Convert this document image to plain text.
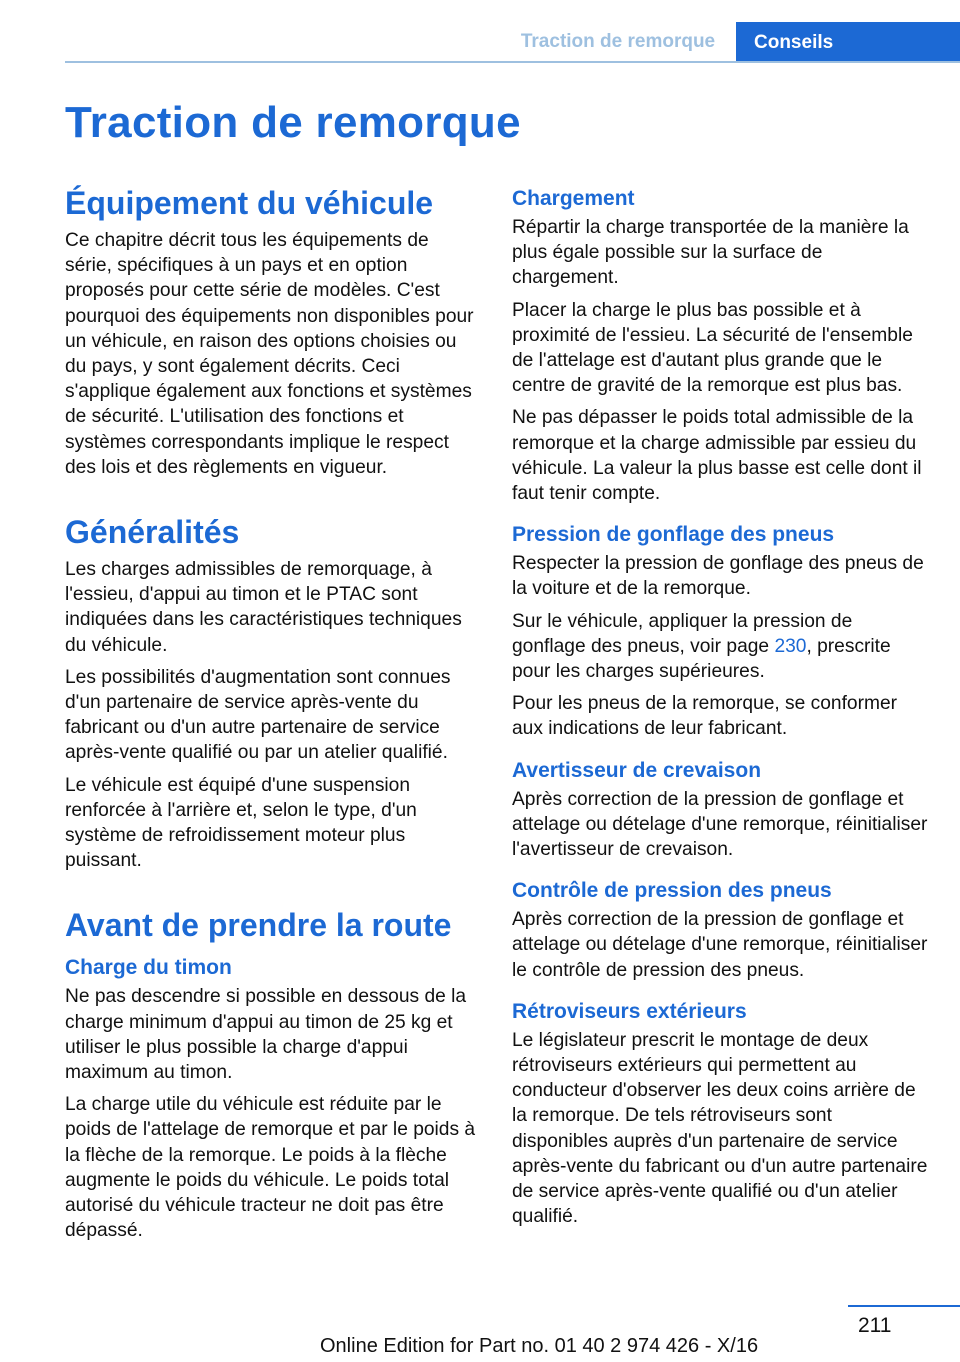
Traction de remorque	Conseils
Traction de remorque
Équipement du véhicule

Ce chapitre décrit tous les équipements de série, spécifiques à un pays et en option proposés pour cette série de modèles. C'est pourquoi des équipements non disponibles pour un véhicule, en raison des options choisies ou du pays, y sont également décrits. Ceci s'applique également aux fonctions et systèmes de sécurité. L'utilisation des fonctions et systèmes correspondants implique le respect des lois et des règlements en vigueur.

Généralités

Les charges admissibles de remorquage, à l'essieu, d'appui au timon et le PTAC sont indiquées dans les caractéristiques techniques du véhicule.

Les possibilités d'augmentation sont connues d'un partenaire de service après-vente du fabricant ou d'un autre partenaire de service après-vente qualifié ou par un atelier qualifié.

Le véhicule est équipé d'une suspension renforcée à l'arrière et, selon le type, d'un système de refroidissement moteur plus puissant.

Avant de prendre la route
Charge du timon

Ne pas descendre si possible en dessous de la charge minimum d'appui au timon de 25 kg et utiliser le plus possible la charge d'appui maximum au timon.

La charge utile du véhicule est réduite par le poids de l'attelage de remorque et par le poids à la flèche de la remorque. Le poids à la flèche augmente le poids du véhicule. Le poids total autorisé du véhicule tracteur ne doit pas être dépassé.

Chargement

Répartir la charge transportée de la manière la plus égale possible sur la surface de chargement.

Placer la charge le plus bas possible et à proximité de l'essieu. La sécurité de l'ensemble de l'attelage est d'autant plus grande que le centre de gravité de la remorque est plus bas.

Ne pas dépasser le poids total admissible de la remorque et la charge admissible par essieu du véhicule. La valeur la plus basse est celle dont il faut tenir compte.

Pression de gonflage des pneus

Respecter la pression de gonflage des pneus de la voiture et de la remorque.

Sur le véhicule, appliquer la pression de gonflage des pneus, voir page 230, prescrite pour les charges supérieures.

Pour les pneus de la remorque, se conformer aux indications de leur fabricant.

Avertisseur de crevaison

Après correction de la pression de gonflage et attelage ou dételage d'une remorque, réinitialiser l'avertisseur de crevaison.

Contrôle de pression des pneus

Après correction de la pression de gonflage et attelage ou dételage d'une remorque, réinitialiser le contrôle de pression des pneus.

Rétroviseurs extérieurs

Le législateur prescrit le montage de deux rétroviseurs extérieurs qui permettent au conducteur d'observer les deux coins arrière de la remorque. De tels rétroviseurs sont disponibles auprès d'un partenaire de service après-vente du fabricant ou d'un autre partenaire de service après-vente qualifié ou d'un atelier qualifié.

211
Online Edition for Part no. 01 40 2 974 426 - X/16
